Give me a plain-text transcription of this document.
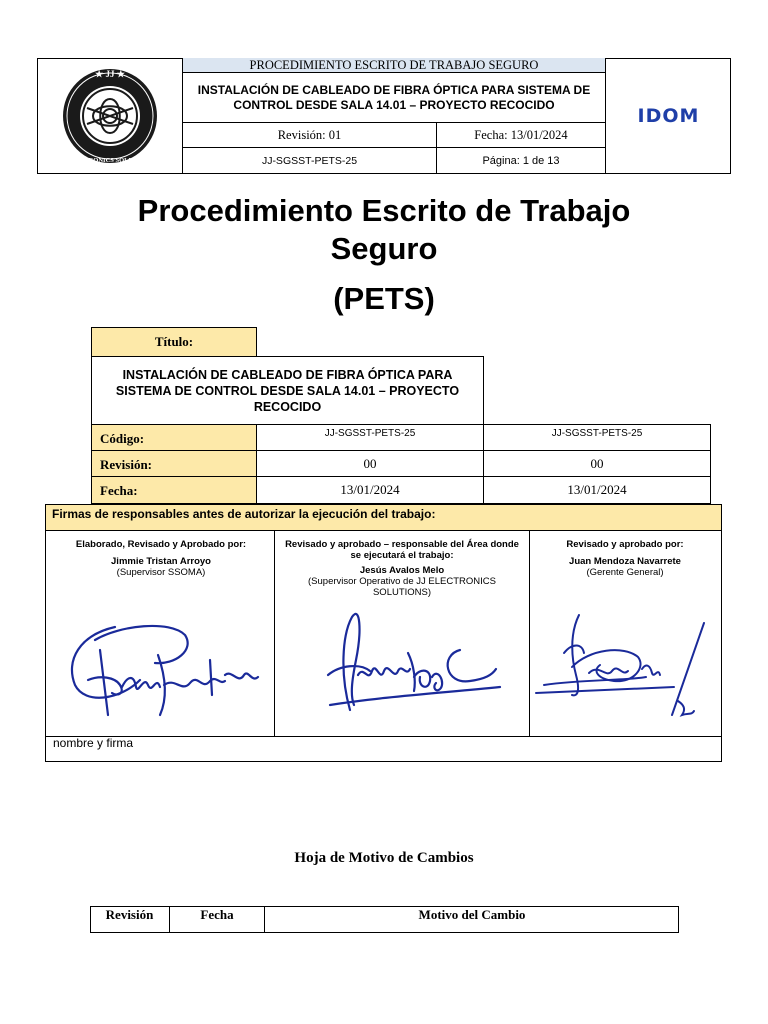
★ JJ ★
ELECTRONICS SOLUTIONS
PROCEDIMIENTO ESCRITO DE TRABAJO SEGURO
INSTALACIÓN DE CABLEADO DE FIBRA ÓPTICA PARA SISTEMA DE CONTROL DESDE SALA 14.01 – PROYECTO RECOCIDO
Revisión: 01	Fecha: 13/01/2024
JJ-SGSST-PETS-25	Página: 1 de 13
IDOM
Procedimiento Escrito de Trabajo
Seguro
(PETS)
Título:
INSTALACIÓN DE CABLEADO DE FIBRA ÓPTICA PARA SISTEMA DE CONTROL DESDE SALA 14.01 – PROYECTO RECOCIDO
Código:	JJ-SGSST-PETS-25	JJ-SGSST-PETS-25
Revisión:	00	00
Fecha:	13/01/2024	13/01/2024
Firmas de responsables antes de autorizar la ejecución del trabajo:
Elaborado, Revisado y Aprobado por:
Jimmie Tristan Arroyo
(Supervisor SSOMA)
Revisado y aprobado – responsable del Área donde se ejecutará el trabajo:
Jesús Avalos Melo
(Supervisor Operativo de JJ ELECTRONICS SOLUTIONS)
Revisado y aprobado por:
Juan Mendoza Navarrete
(Gerente General)
nombre y firma
Hoja de Motivo de Cambios
Revisión	Fecha	Motivo del Cambio
